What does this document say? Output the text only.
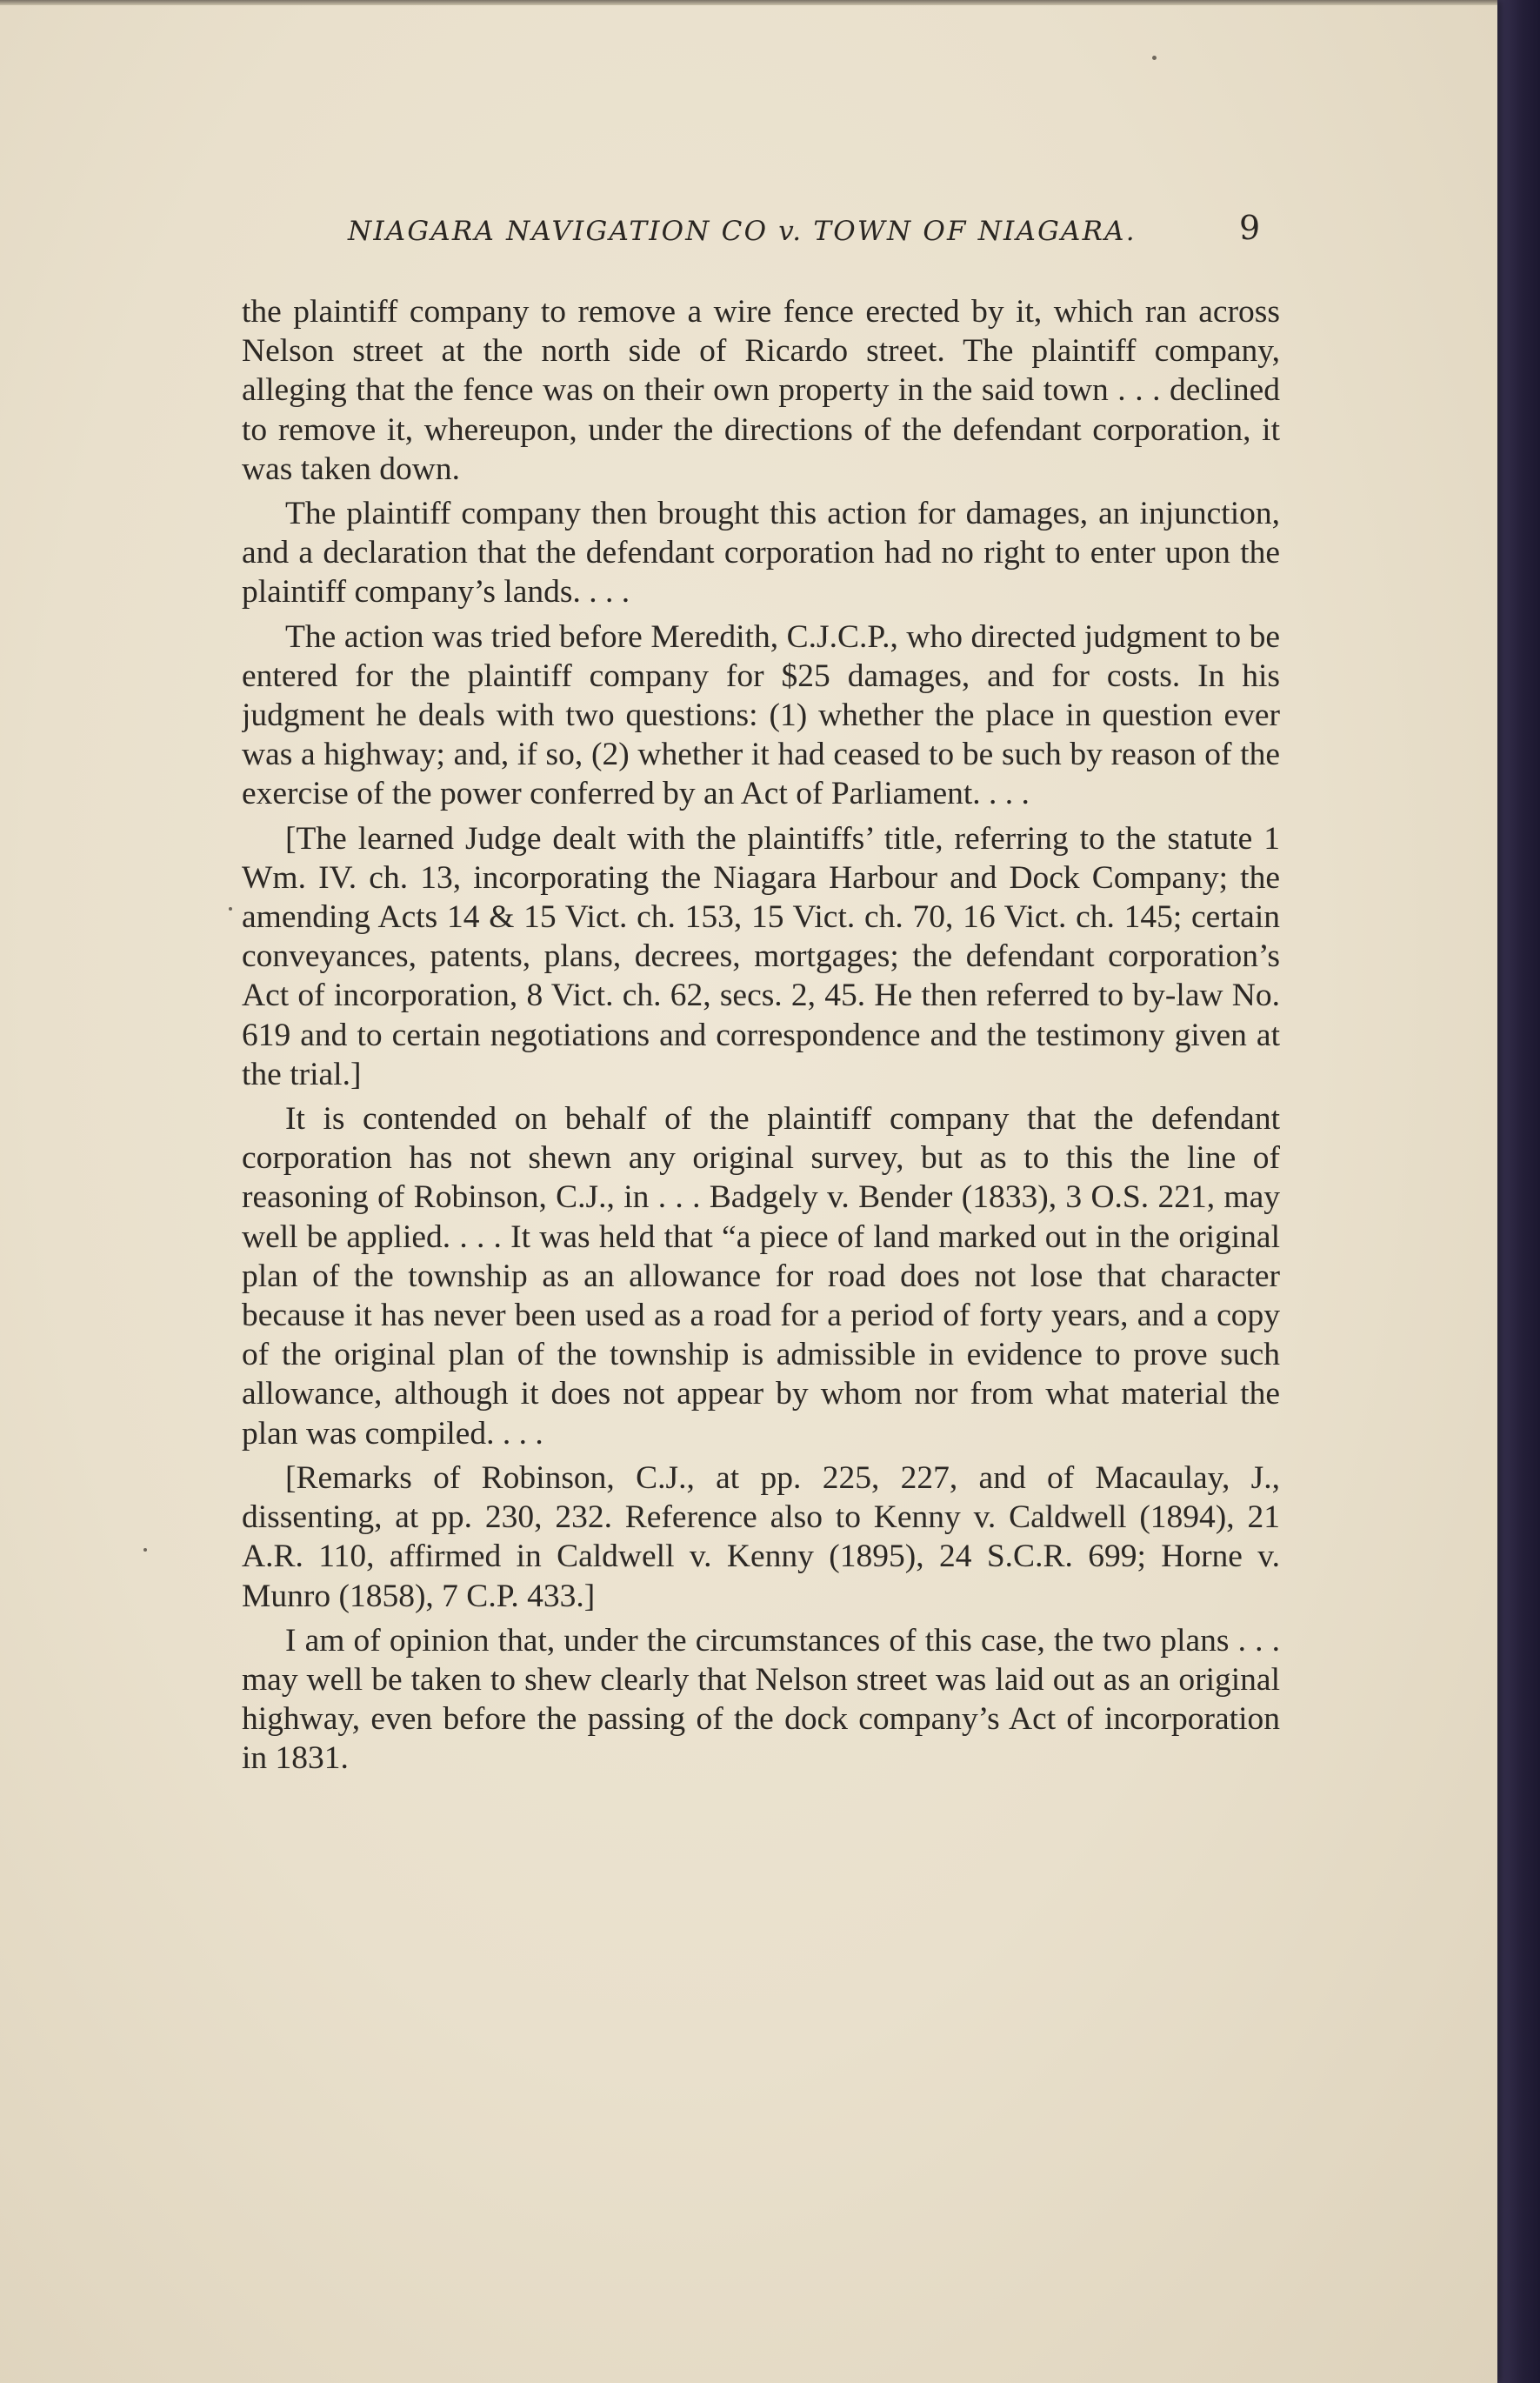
NIAGARA NAVIGATION CO v. TOWN OF NIAGARA.	9

the plaintiff company to remove a wire fence erected by it, which ran across Nelson street at the north side of Ricardo street. The plaintiff company, alleging that the fence was on their own property in the said town . . . declined to remove it, whereupon, under the directions of the defendant corporation, it was taken down.

The plaintiff company then brought this action for damages, an injunction, and a declaration that the defendant corporation had no right to enter upon the plaintiff company’s lands. . . .

The action was tried before Meredith, C.J.C.P., who directed judgment to be entered for the plaintiff company for $25 damages, and for costs. In his judgment he deals with two questions: (1) whether the place in question ever was a highway; and, if so, (2) whether it had ceased to be such by reason of the exercise of the power conferred by an Act of Parliament. . . .

[The learned Judge dealt with the plaintiffs’ title, referring to the statute 1 Wm. IV. ch. 13, incorporating the Niagara Harbour and Dock Company; the amending Acts 14 & 15 Vict. ch. 153, 15 Vict. ch. 70, 16 Vict. ch. 145; certain conveyances, patents, plans, decrees, mortgages; the defendant corporation’s Act of incorporation, 8 Vict. ch. 62, secs. 2, 45. He then referred to by-law No. 619 and to certain negotiations and correspondence and the testimony given at the trial.]

It is contended on behalf of the plaintiff company that the defendant corporation has not shewn any original survey, but as to this the line of reasoning of Robinson, C.J., in . . . Badgely v. Bender (1833), 3 O.S. 221, may well be applied. . . . It was held that “a piece of land marked out in the original plan of the township as an allowance for road does not lose that character because it has never been used as a road for a period of forty years, and a copy of the original plan of the township is admissible in evidence to prove such allowance, although it does not appear by whom nor from what material the plan was compiled. . . .

[Remarks of Robinson, C.J., at pp. 225, 227, and of Macaulay, J., dissenting, at pp. 230, 232. Reference also to Kenny v. Caldwell (1894), 21 A.R. 110, affirmed in Caldwell v. Kenny (1895), 24 S.C.R. 699; Horne v. Munro (1858), 7 C.P. 433.]

I am of opinion that, under the circumstances of this case, the two plans . . . may well be taken to shew clearly that Nelson street was laid out as an original highway, even before the passing of the dock company’s Act of incorporation in 1831.
